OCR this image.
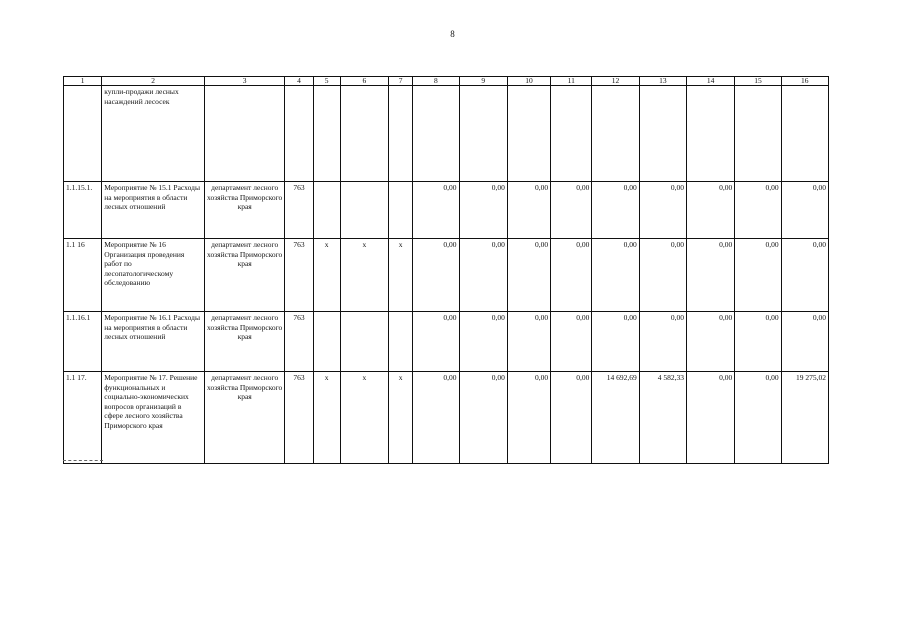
8
1	2	3	4	5	6	7	8	9	10	11	12	13	14	15	16
	купли-продажи лесных насаждений лесосек														
1.1.15.1.	Мероприятие № 15.1 Расходы на мероприятия в области лесных отношений	департамент лесного хозяйства Приморского края	763				0,00	0,00	0,00	0,00	0,00	0,00	0,00	0,00	0,00
1.1 16	Мероприятие № 16 Организация проведения работ по лесопатологическому обследованию	департамент лесного хозяйства Приморского края	763	х	х	х	0,00	0,00	0,00	0,00	0,00	0,00	0,00	0,00	0,00
1.1.16.1	Мероприятие № 16.1 Расходы на мероприятия в области лесных отношений	департамент лесного хозяйства Приморского края	763				0,00	0,00	0,00	0,00	0,00	0,00	0,00	0,00	0,00
1.1 17.	Мероприятие № 17. Решение функциональных и социально-экономических вопросов организаций в сфере лесного хозяйства Приморского края	департамент лесного хозяйства Приморского края	763	х	х	х	0,00	0,00	0,00	0,00	14 692,69	4 582,33	0,00	0,00	19 275,02
